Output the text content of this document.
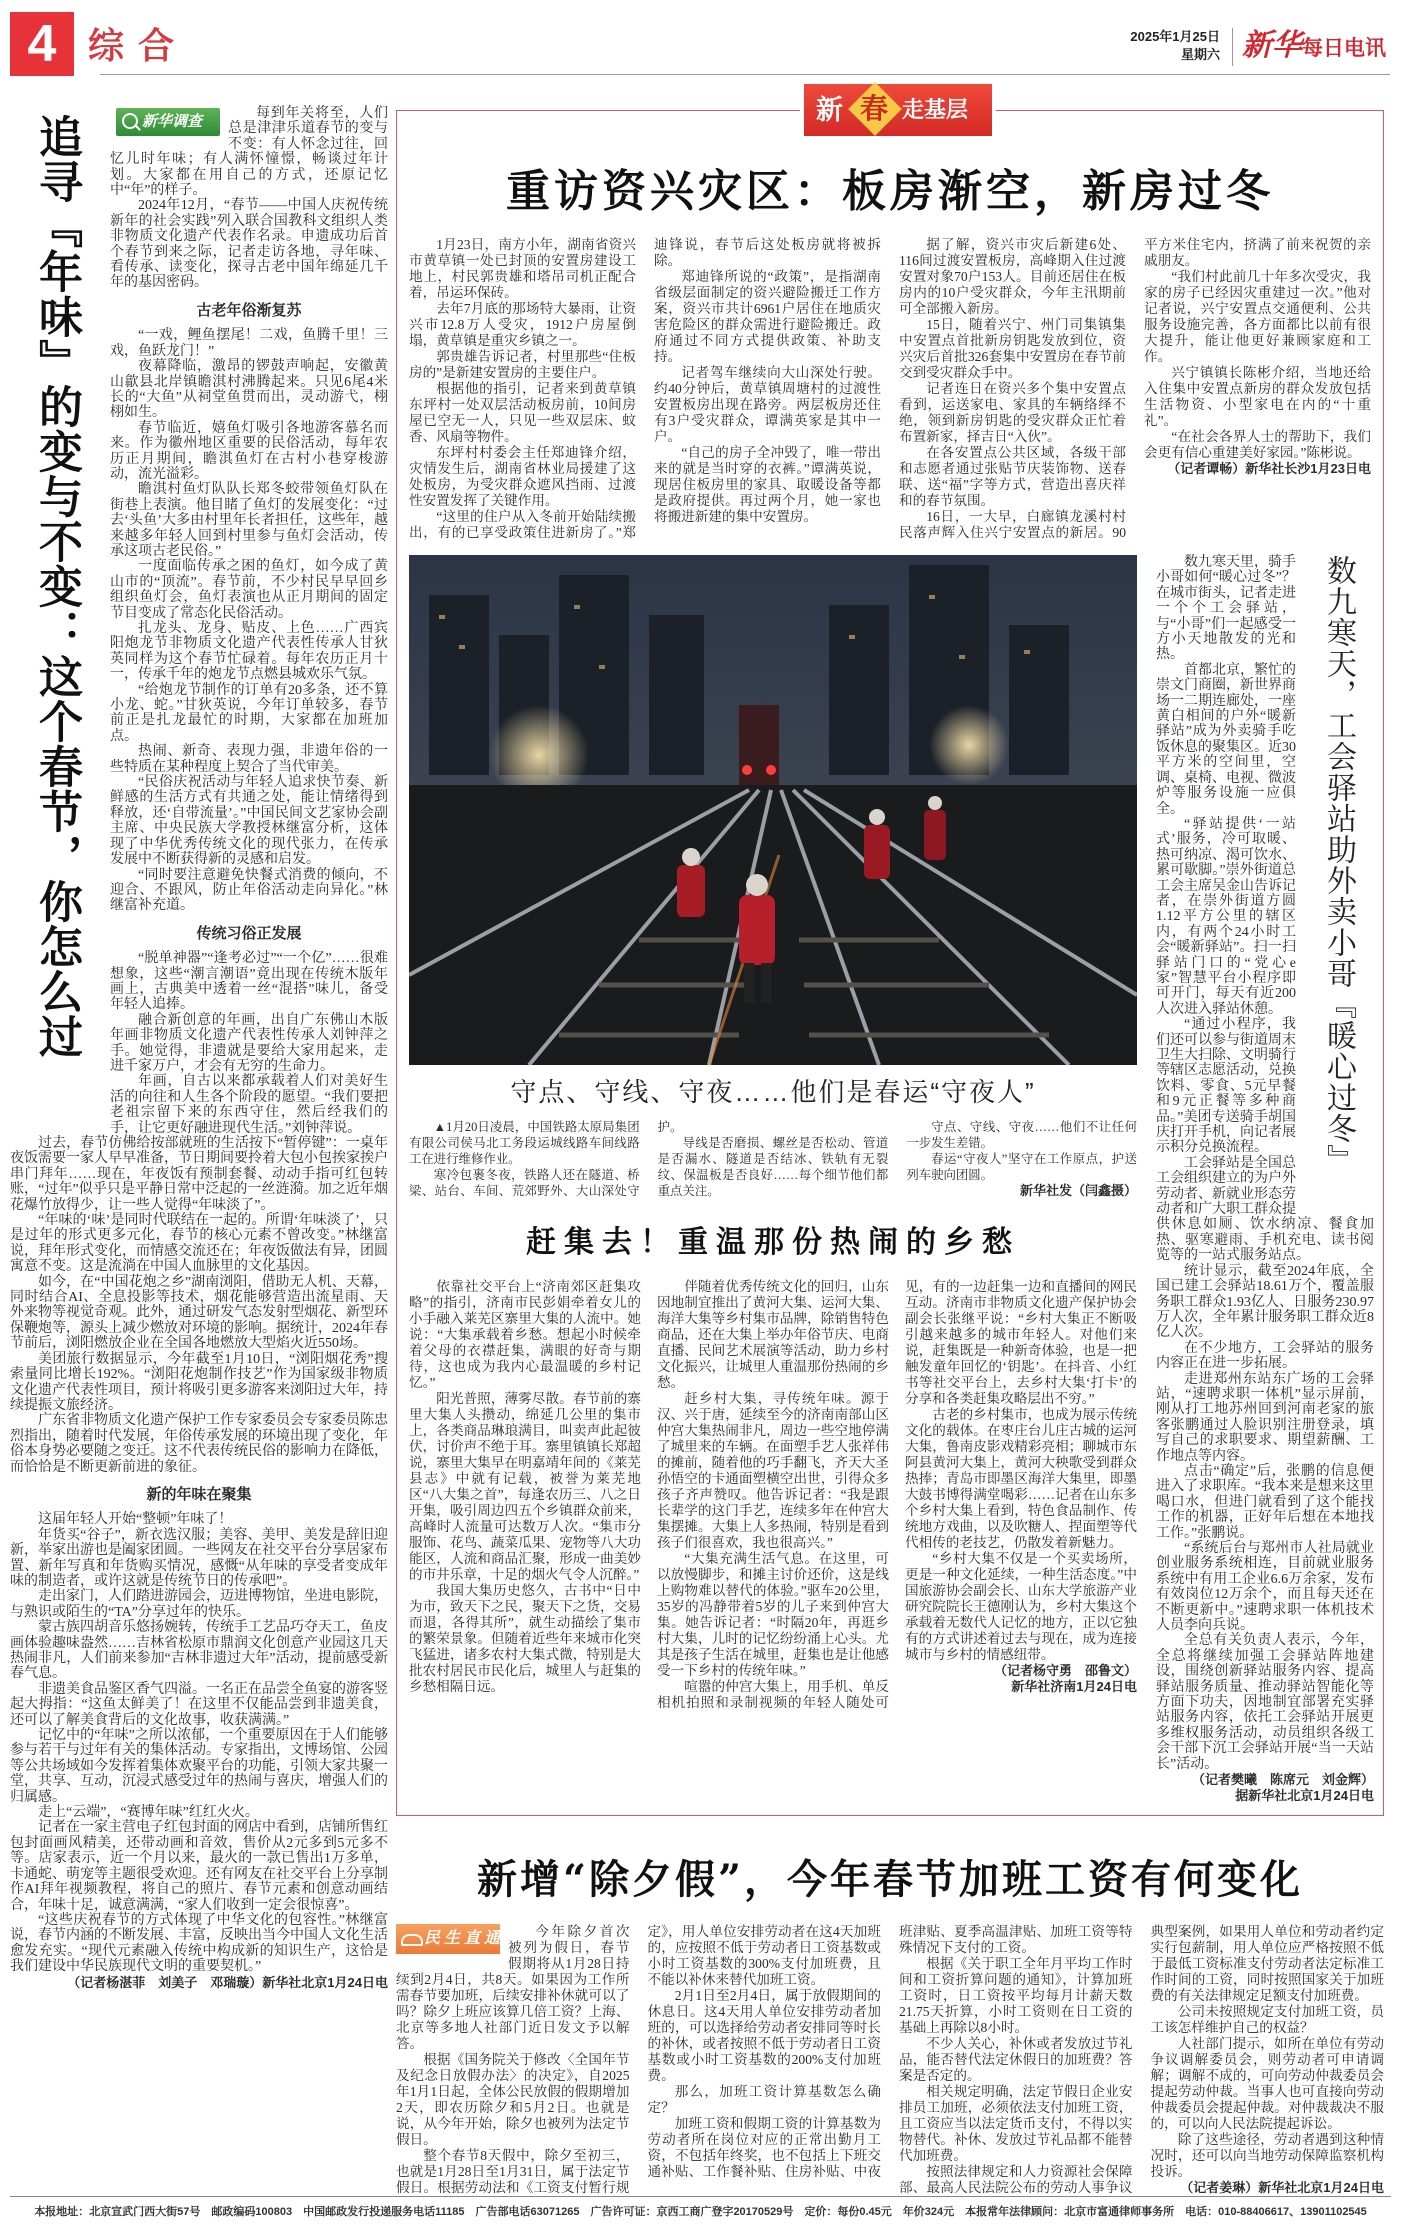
4 综合	2025年1月25日
星期六 新华每日电讯
新 春 走基层
追寻『年味』的变与不变：这个春节，你怎么过	新华调查	每到年关将至，人们总是津津乐道春节的变与不变：有人怀念过往，回忆儿时年味；有人满怀憧憬，畅谈过年计划。大家都在用自己的方式，还原记忆中“年”的样子。

2024年12月，“春节——中国人庆祝传统新年的社会实践”列入联合国教科文组织人类非物质文化遗产代表作名录。申遗成功后首个春节到来之际，记者走访各地，寻年味、看传承、读变化，探寻古老中国年绵延几千年的基因密码。

古老年俗渐复苏

“一戏，鲤鱼摆尾！二戏，鱼腾千里！三戏，鱼跃龙门！”

夜幕降临，激昂的锣鼓声响起，安徽黄山歙县北岸镇瞻淇村沸腾起来。只见6尾4米长的“大鱼”从祠堂鱼贯而出，灵动游弋，栩栩如生。

春节临近，嬉鱼灯吸引各地游客慕名而来。作为徽州地区重要的民俗活动，每年农历正月期间，瞻淇鱼灯在古村小巷穿梭游动，流光溢彩。

瞻淇村鱼灯队队长郑冬蛟带领鱼灯队在街巷上表演。他目睹了鱼灯的发展变化：“过去‘头鱼’大多由村里年长者担任，这些年，越来越多年轻人回到村里参与鱼灯会活动，传承这项古老民俗。”

一度面临传承之困的鱼灯，如今成了黄山市的“顶流”。春节前，不少村民早早回乡组织鱼灯会，鱼灯表演也从正月期间的固定节目变成了常态化民俗活动。

扎龙头、龙身、贴皮、上色……广西宾阳炮龙节非物质文化遗产代表性传承人甘狄英同样为这个春节忙碌着。每年农历正月十一，传承千年的炮龙节点燃县城欢乐气氛。

“给炮龙节制作的订单有20多条，还不算小龙、蛇。”甘狄英说，今年订单较多，春节前正是扎龙最忙的时期，大家都在加班加点。

热闹、新奇、表现力强，非遗年俗的一些特质在某种程度上契合了当代审美。

“民俗庆祝活动与年轻人追求快节奏、新鲜感的生活方式有共通之处，能让情绪得到释放，还‘自带流量’。”中国民间文艺家协会副主席、中央民族大学教授林继富分析，这体现了中华优秀传统文化的现代张力，在传承发展中不断获得新的灵感和启发。

“同时要注意避免快餐式消费的倾向，不迎合、不跟风，防止年俗活动走向异化。”林继富补充道。

传统习俗正发展

“脱单神器”“逢考必过”“一个亿”……很难想象，这些“潮言潮语”竟出现在传统木版年画上，古典美中透着一丝“混搭”味儿，备受年轻人追捧。

融合新创意的年画，出自广东佛山木版年画非物质文化遗产代表性传承人刘钟萍之手。她觉得，非遗就是要给大家用起来，走进千家万户，才会有无穷的生命力。

年画，自古以来都承载着人们对美好生活的向往和人生各个阶段的愿望。“我们要把老祖宗留下来的东西守住，然后经我们的手，让它更好融进现代生活。”刘钟萍说。

过去，春节仿佛给按部就班的生活按下“暂停键”：一桌年夜饭需要一家人早早准备，节日期间要拎着大包小包挨家挨户串门拜年……现在，年夜饭有预制套餐、动动手指可红包转账，“过年”似乎只是平静日常中泛起的一丝涟漪。加之近年烟花爆竹放得少，让一些人觉得“年味淡了”。

“年味的‘味’是同时代联结在一起的。所谓‘年味淡了’，只是过年的形式更多元化，春节的核心元素不曾改变。”林继富说，拜年形式变化，而情感交流还在；年夜饭做法有异，团圆寓意不变。这是流淌在中国人血脉里的文化基因。

如今，在“中国花炮之乡”湖南浏阳，借助无人机、天幕，同时结合AI、全息投影等技术，烟花能够营造出流星雨、天外来物等视觉奇观。此外，通过研发气态发射型烟花、新型环保鞭炮等，源头上减少燃放对环境的影响。据统计，2024年春节前后，浏阳燃放企业在全国各地燃放大型焰火近550场。

美团旅行数据显示，今年截至1月10日，“浏阳烟花秀”搜索量同比增长192%。“浏阳花炮制作技艺”作为国家级非物质文化遗产代表性项目，预计将吸引更多游客来浏阳过大年，持续提振文旅经济。

广东省非物质文化遗产保护工作专家委员会专家委员陈忠烈指出，随着时代发展，年俗传承发展的环境出现了变化，年俗本身势必要随之变迁。这不代表传统民俗的影响力在降低，而恰恰是不断更新前进的象征。

新的年味在聚集

这届年轻人开始“整顿”年味了！

年货买“谷子”，新衣选汉服；美容、美甲、美发是辞旧迎新，举家出游也是阖家团圆。一些网友在社交平台分享居家布置、新年写真和年货购买情况，感慨“从年味的享受者变成年味的制造者，或许这就是传统节日的传承吧”。

走出家门，人们踏进游园会，迈进博物馆，坐进电影院，与熟识或陌生的“TA”分享过年的快乐。

蒙古族四胡音乐悠扬婉转，传统手工艺品巧夺天工，鱼皮画体验趣味盎然……吉林省松原市鼎润文化创意产业园这几天热闹非凡，人们前来参加“吉林非遗过大年”活动，提前感受新春气息。

非遗美食品鉴区香气四溢。一名正在品尝全鱼宴的游客竖起大拇指：“这鱼太鲜美了！在这里不仅能品尝到非遗美食，还可以了解美食背后的文化故事，收获满满。”

记忆中的“年味”之所以浓郁，一个重要原因在于人们能够参与若干与过年有关的集体活动。专家指出，文博场馆、公园等公共场域如今发挥着集体欢聚平台的功能，引领大家共聚一堂，共享、互动，沉浸式感受过年的热闹与喜庆，增强人们的归属感。

走上“云端”，“赛博年味”红红火火。

记者在一家主营电子红包封面的网店中看到，店铺所售红包封面画风精美，还带动画和音效，售价从2元多到5元多不等。店家表示，近一个月以来，最火的一款已售出1万多单，卡通蛇、萌宠等主题很受欢迎。还有网友在社交平台上分享制作AI拜年视频教程，将自己的照片、春节元素和创意动画结合，年味十足，诚意满满，“家人们收到一定会很惊喜”。

“这些庆祝春节的方式体现了中华文化的包容性。”林继富说，春节内涵的不断发展、丰富，反映出当今中国人文化生活愈发充实。“现代元素融入传统中构成新的知识生产，这恰是我们建设中华民族现代文明的重要契机。”

（记者杨湛菲　刘美子　邓瑞璇）新华社北京1月24日电

重访资兴灾区：板房渐空，新房过冬

1月23日，南方小年，湖南省资兴市黄草镇一处已封顶的安置房建设工地上，村民郭贵雄和塔吊司机正配合着，吊运环保砖。

去年7月底的那场特大暴雨，让资兴市12.8万人受灾，1912户房屋倒塌，黄草镇是重灾乡镇之一。

郭贵雄告诉记者，村里那些“住板房的”是新建安置房的主要住户。

根据他的指引，记者来到黄草镇东坪村一处双层活动板房前，10间房屋已空无一人，只见一些双层床、蚊香、风扇等物件。

东坪村村委会主任郑迪锋介绍，灾情发生后，湖南省林业局援建了这处板房，为受灾群众遮风挡雨、过渡性安置发挥了关键作用。

“这里的住户从入冬前开始陆续搬出，有的已享受政策住进新房了。”郑迪锋说，春节后这处板房就将被拆除。

郑迪锋所说的“政策”，是指湖南省级层面制定的资兴避险搬迁工作方案，资兴市共计6961户居住在地质灾害危险区的群众需进行避险搬迁。政府通过不同方式提供政策、补助支持。

记者驾车继续向大山深处行驶。约40分钟后，黄草镇周塘村的过渡性安置板房出现在路旁。两层板房还住有3户受灾群众，谭满英家是其中一户。

“自己的房子全冲毁了，唯一带出来的就是当时穿的衣裤。”谭满英说，现居住板房里的家具、取暖设备等都是政府提供。再过两个月，她一家也将搬进新建的集中安置房。

据了解，资兴市灾后新建6处、116间过渡安置板房，高峰期入住过渡安置对象70户153人。目前还居住在板房内的10户受灾群众，今年主汛期前可全部搬入新房。

15日，随着兴宁、州门司集镇集中安置点首批新房钥匙发放到位，资兴灾后首批326套集中安置房在春节前交到受灾群众手中。

记者连日在资兴多个集中安置点看到，运送家电、家具的车辆络绎不绝，领到新房钥匙的受灾群众正忙着布置新家，择吉日“入伙”。

在各安置点公共区域，各级干部和志愿者通过张贴节庆装饰物、送春联、送“福”字等方式，营造出喜庆祥和的春节氛围。

16日，一大早，白廊镇龙溪村村民落声辉入住兴宁安置点的新居。90平方米住宅内，挤满了前来祝贺的亲戚朋友。

“我们村此前几十年多次受灾，我家的房子已经因灾重建过一次。”他对记者说，兴宁安置点交通便利、公共服务设施完善，各方面都比以前有很大提升，能让他更好兼顾家庭和工作。

兴宁镇镇长陈彬介绍，当地还给入住集中安置点新房的群众发放包括生活物资、小型家电在内的“十重礼”。

“在社会各界人士的帮助下，我们会更有信心重建美好家园。”陈彬说。

（记者谭畅）新华社长沙1月23日电

守点、守线、守夜……他们是春运“守夜人”

▲1月20日凌晨，中国铁路太原局集团有限公司侯马北工务段运城线路车间线路工在进行维修作业。

寒冷包裹冬夜，铁路人还在隧道、桥梁、站台、车间、荒郊野外、大山深处守护。

导线是否磨损、螺丝是否松动、管道是否漏水、隧道是否结冰、铁轨有无裂纹、保温板是否良好……每个细节他们都重点关注。

守点、守线、守夜……他们不让任何一步发生差错。

春运“守夜人”坚守在工作原点，护送列车驶向团圆。

新华社发（闫鑫摄）

赶集去！重温那份热闹的乡愁

依靠社交平台上“济南郊区赶集攻略”的指引，济南市民彭娟牵着女儿的小手融入莱芜区寨里大集的人流中。她说：“大集承载着乡愁。想起小时候牵着父母的衣襟赶集，满眼的好奇与期待，这也成为我内心最温暖的乡村记忆。”

阳光普照，薄雾尽散。春节前的寨里大集人头攒动，绵延几公里的集市上，各类商品琳琅满目，叫卖声此起彼伏，讨价声不绝于耳。寨里镇镇长郑超说，寨里大集早在明嘉靖年间的《莱芜县志》中就有记载，被誉为莱芜地区“八大集之首”，每逢农历三、八之日开集，吸引周边四五个乡镇群众前来，高峰时人流量可达数万人次。“集市分服饰、花鸟、蔬菜瓜果、宠物等八大功能区，人流和商品汇聚，形成一曲美妙的市井乐章，十足的烟火气令人沉醉。”

我国大集历史悠久，古书中“日中为市，致天下之民，聚天下之货，交易而退，各得其所”，就生动描绘了集市的繁荣景象。但随着近些年来城市化突飞猛进，诸多农村大集式微，特别是大批农村居民市民化后，城里人与赶集的乡愁相隔日远。

伴随着优秀传统文化的回归，山东因地制宜推出了黄河大集、运河大集、海洋大集等乡村集市品牌，除销售特色商品，还在大集上举办年俗节庆、电商直播、民间艺术展演等活动，助力乡村文化振兴，让城里人重温那份热闹的乡愁。

赶乡村大集，寻传统年味。源于汉、兴于唐，延续至今的济南南部山区仲宫大集热闹非凡，周边一些空地停满了城里来的车辆。在面塑手艺人张祥伟的摊前，随着他的巧手翻飞，齐天大圣孙悟空的卡通面塑横空出世，引得众多孩子齐声赞叹。他告诉记者：“我是跟长辈学的这门手艺，连续多年在仲宫大集摆摊。大集上人多热闹，特别是看到孩子们很喜欢，我也很高兴。”

“大集充满生活气息。在这里，可以放慢脚步，和摊主讨价还价，这是线上购物难以替代的体验。”驱车20公里，35岁的冯静带着5岁的儿子来到仲宫大集。她告诉记者：“时隔20年，再逛乡村大集，儿时的记忆纷纷涌上心头。尤其是孩子生活在城里，赶集也是让他感受一下乡村的传统年味。”

喧嚣的仲宫大集上，用手机、单反相机拍照和录制视频的年轻人随处可见，有的一边赶集一边和直播间的网民互动。济南市非物质文化遗产保护协会副会长张继平说：“乡村大集正不断吸引越来越多的城市年轻人。对他们来说，赶集既是一种新奇体验，也是一把触发童年回忆的‘钥匙’。在抖音、小红书等社交平台上，去乡村大集‘打卡’的分享和各类赶集攻略层出不穷。”

古老的乡村集市，也成为展示传统文化的载体。在枣庄台儿庄古城的运河大集，鲁南皮影戏精彩亮相；聊城市东阿县黄河大集上，黄河大秧歌受到群众热捧；青岛市即墨区海洋大集里，即墨大鼓书博得满堂喝彩……记者在山东多个乡村大集上看到，特色食品制作、传统地方戏曲，以及吹糖人、捏面塑等代代相传的老技艺，仍散发着新魅力。

“乡村大集不仅是一个买卖场所，更是一种文化延续，一种生活态度。”中国旅游协会副会长、山东大学旅游产业研究院院长王德刚认为，乡村大集这个承载着无数代人记忆的地方，正以它独有的方式讲述着过去与现在，成为连接城市与乡村的情感纽带。

（记者杨守勇　邵鲁文）

新华社济南1月24日电

数九寒天，工会驿站助外卖小哥『暖心过冬』

数九寒天里，骑手小哥如何“暖心过冬”？在城市街头，记者走进一个个工会驿站，与“小哥”们一起感受一方小天地散发的光和热。

首都北京，繁忙的崇文门商圈，新世界商场一二期连廊处，一座黄白相间的户外“暖新驿站”成为外卖骑手吃饭休息的聚集区。近30平方米的空间里，空调、桌椅、电视、微波炉等服务设施一应俱全。

“驿站提供‘一站式’服务，冷可取暖、热可纳凉、渴可饮水、累可歇脚。”崇外街道总工会主席吴金山告诉记者，在崇外街道方圆1.12平方公里的辖区内，有两个24小时工会“暖新驿站”。扫一扫驿站门口的“党心e家”智慧平台小程序即可开门，每天有近200人次进入驿站休憩。

“通过小程序，我们还可以参与街道周末卫生大扫除、文明骑行等辖区志愿活动，兑换饮料、零食、5元早餐和9元正餐等多种商品。”美团专送骑手胡国庆打开手机，向记者展示积分兑换流程。

工会驿站是全国总工会组织建立的为户外劳动者、新就业形态劳动者和广大职工群众提供休息如厕、饮水纳凉、餐食加热、驱寒避雨、手机充电、读书阅览等的一站式服务站点。

统计显示，截至2024年底，全国已建工会驿站18.61万个，覆盖服务职工群众1.93亿人、日服务230.97万人次，全年累计服务职工群众近8亿人次。

在不少地方，工会驿站的服务内容正在进一步拓展。

走进郑州东站东广场的工会驿站，“速聘求职一体机”显示屏前，刚从打工地苏州回到河南老家的旅客张鹏通过人脸识别注册登录，填写自己的求职要求、期望薪酬、工作地点等内容。

点击“确定”后，张鹏的信息便进入了求职库。“我本来是想来这里喝口水，但进门就看到了这个能找工作的机器，正好年后想在本地找工作。”张鹏说。

“系统后台与郑州市人社局就业创业服务系统相连，目前就业服务系统中有用工企业6.6万余家，发布有效岗位12万余个，而且每天还在不断更新中。”速聘求职一体机技术人员李向兵说。

全总有关负责人表示，今年，全总将继续加强工会驿站阵地建设，围绕创新驿站服务内容、提高驿站服务质量、推动驿站智能化等方面下功夫，因地制宜部署充实驿站服务内容，依托工会驿站开展更多维权服务活动，动员组织各级工会干部下沉工会驿站开展“当一天站长”活动。

（记者樊曦　陈席元　刘金辉）

据新华社北京1月24日电

新增“除夕假”，今年春节加班工资有何变化
民生直通车

今年除夕首次被列为假日，春节假期将从1月28日持续到2月4日，共8天。如果因为工作所需春节要加班，后续安排补休就可以了吗？除夕上班应该算几倍工资？上海、北京等多地人社部门近日发文予以解答。

根据《国务院关于修改〈全国年节及纪念日放假办法〉的决定》，自2025年1月1日起，全体公民放假的假期增加2天，即农历除夕和5月2日。也就是说，从今年开始，除夕也被列为法定节假日。

整个春节8天假中，除夕至初三，也就是1月28日至1月31日，属于法定节假日。根据劳动法和《工资支付暂行规定》，用人单位安排劳动者在这4天加班的，应按照不低于劳动者日工资基数或小时工资基数的300%支付加班费，且不能以补休来替代加班工资。

2月1日至2月4日，属于放假期间的休息日。这4天用人单位安排劳动者加班的，可以选择给劳动者安排同等时长的补休，或者按照不低于劳动者日工资基数或小时工资基数的200%支付加班费。

那么，加班工资计算基数怎么确定？

加班工资和假期工资的计算基数为劳动者所在岗位对应的正常出勤月工资，不包括年终奖，也不包括上下班交通补贴、工作餐补贴、住房补贴、中夜班津贴、夏季高温津贴、加班工资等特殊情况下支付的工资。

根据《关于职工全年月平均工作时间和工资折算问题的通知》，计算加班工资时，日工资按平均每月计薪天数21.75天折算，小时工资则在日工资的基础上再除以8小时。

不少人关心，补休或者发放过节礼品，能否替代法定休假日的加班费？答案是否定的。

相关规定明确，法定节假日企业安排员工加班，必须依法支付加班工资，且工资应当以法定货币支付，不得以实物替代。补休、发放过节礼品都不能替代加班费。

按照法律规定和人力资源社会保障部、最高人民法院公布的劳动人事争议典型案例，如果用人单位和劳动者约定实行包薪制，用人单位应严格按照不低于最低工资标准支付劳动者法定标准工作时间的工资，同时按照国家关于加班费的有关法律规定足额支付加班费。

公司未按照规定支付加班工资，员工该怎样维护自己的权益？

人社部门提示，如所在单位有劳动争议调解委员会，则劳动者可申请调解；调解不成的，可向劳动仲裁委员会提起劳动仲裁。当事人也可直接向劳动仲裁委员会提起仲裁。对仲裁裁决不服的，可以向人民法院提起诉讼。

除了这些途径，劳动者遇到这种情况时，还可以向当地劳动保障监察机构投诉。

（记者姜琳）新华社北京1月24日电

本报地址：北京宣武门西大街57号　邮政编码100803　中国邮政发行投递服务电话11185　广告部电话63071265　广告许可证：京西工商广登字20170529号　定价：每份0.45元　年价324元　本报常年法律顾问：北京市富通律师事务所　电话：010-88406617、13901102545
